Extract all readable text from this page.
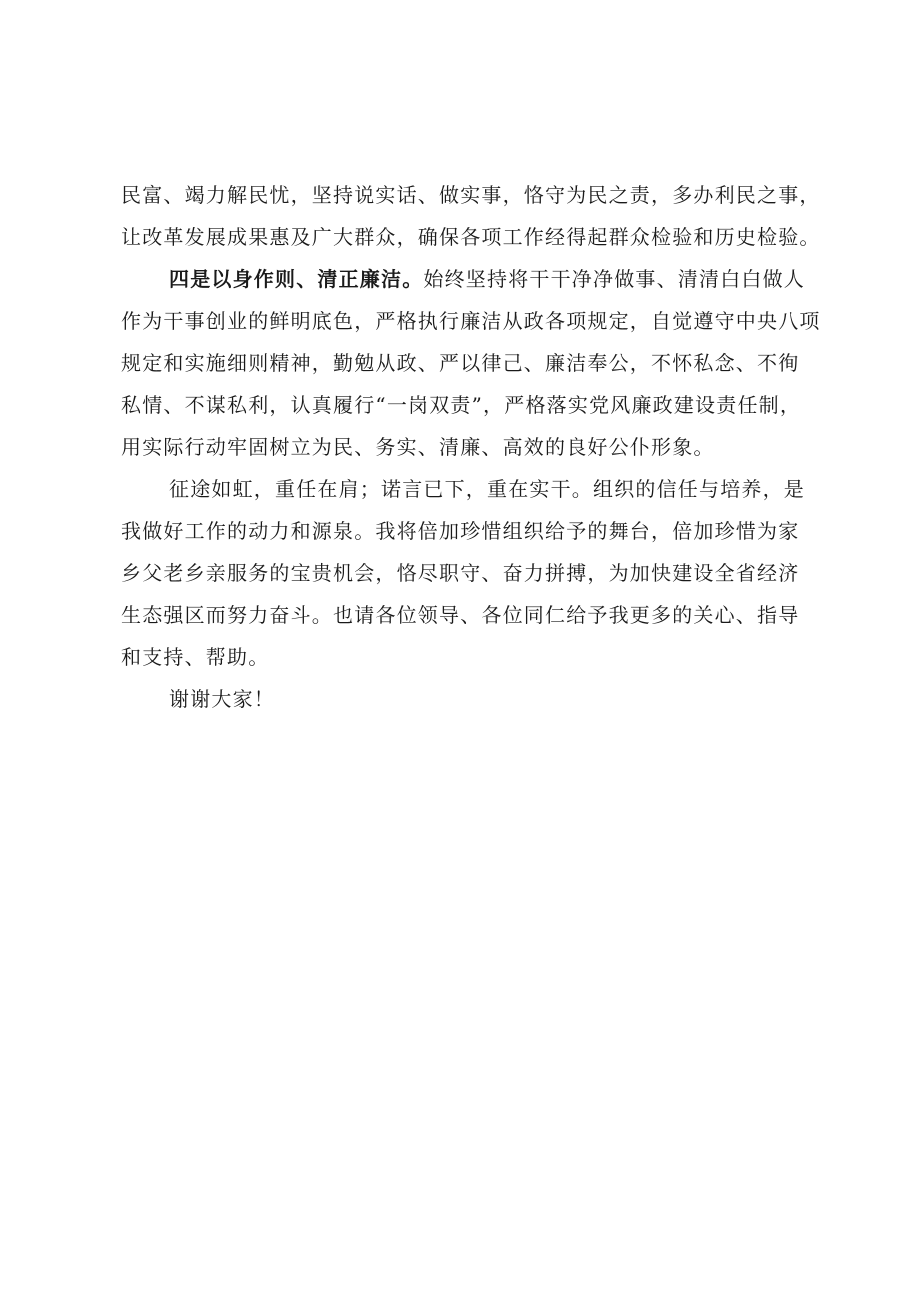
民富、竭力解民忧，坚持说实话、做实事，恪守为民之责，多办利民之事，
让改革发展成果惠及广大群众，确保各项工作经得起群众检验和历史检验。
四是以身作则、清正廉洁。始终坚持将干干净净做事、清清白白做人
作为干事创业的鲜明底色，严格执行廉洁从政各项规定，自觉遵守中央八项
规定和实施细则精神，勤勉从政、严以律己、廉洁奉公，不怀私念、不徇
私情、不谋私利，认真履行“一岗双责”，严格落实党风廉政建设责任制，
用实际行动牢固树立为民、务实、清廉、高效的良好公仆形象。
征途如虹，重任在肩；诺言已下，重在实干。组织的信任与培养，是
我做好工作的动力和源泉。我将倍加珍惜组织给予的舞台，倍加珍惜为家
乡父老乡亲服务的宝贵机会，恪尽职守、奋力拼搏，为加快建设全省经济
生态强区而努力奋斗。也请各位领导、各位同仁给予我更多的关心、指导
和支持、帮助。
谢谢大家！
